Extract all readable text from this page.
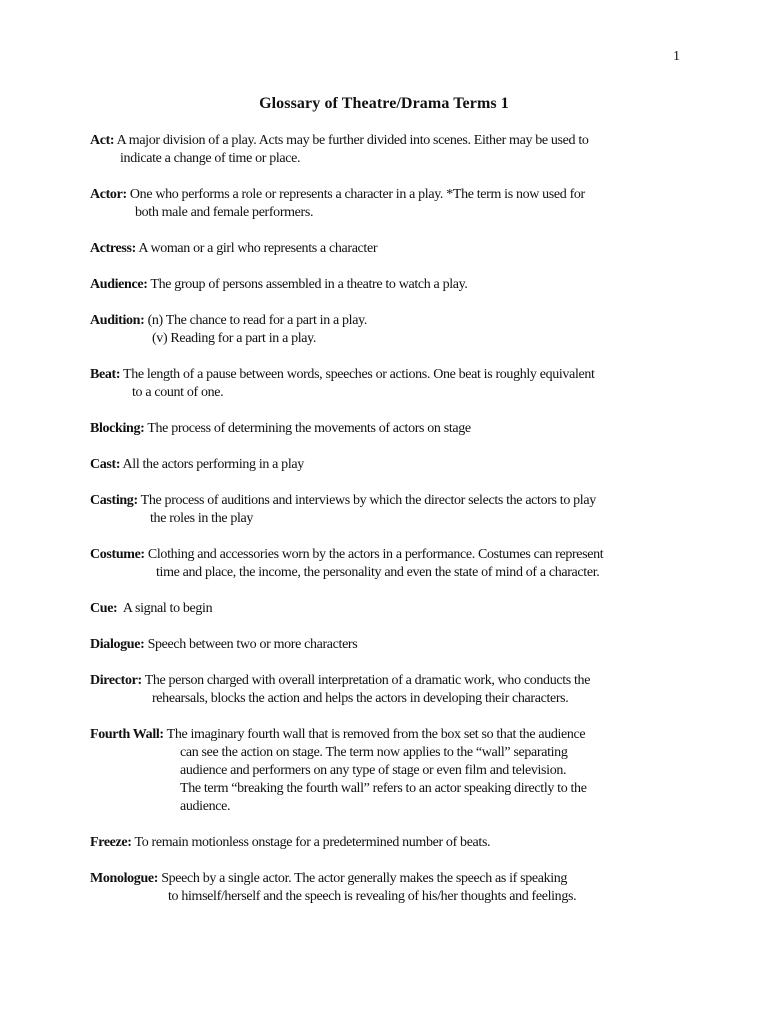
1
Glossary of Theatre/Drama Terms 1
Act: A major division of a play. Acts may be further divided into scenes. Either may be used to
indicate a change of time or place.
Actor: One who performs a role or represents a character in a play. *The term is now used for
both male and female performers.
Actress: A woman or a girl who represents a character
Audience: The group of persons assembled in a theatre to watch a play.
Audition: (n) The chance to read for a part in a play.
(v) Reading for a part in a play.
Beat: The length of a pause between words, speeches or actions. One beat is roughly equivalent
to a count of one.
Blocking: The process of determining the movements of actors on stage
Cast: All the actors performing in a play
Casting: The process of auditions and interviews by which the director selects the actors to play
the roles in the play
Costume: Clothing and accessories worn by the actors in a performance. Costumes can represent
time and place, the income, the personality and even the state of mind of a character.
Cue: A signal to begin
Dialogue: Speech between two or more characters
Director: The person charged with overall interpretation of a dramatic work, who conducts the
rehearsals, blocks the action and helps the actors in developing their characters.
Fourth Wall: The imaginary fourth wall that is removed from the box set so that the audience
can see the action on stage. The term now applies to the “wall” separating
audience and performers on any type of stage or even film and television.
The term “breaking the fourth wall” refers to an actor speaking directly to the
audience.
Freeze: To remain motionless onstage for a predetermined number of beats.
Monologue: Speech by a single actor. The actor generally makes the speech as if speaking
to himself/herself and the speech is revealing of his/her thoughts and feelings.
